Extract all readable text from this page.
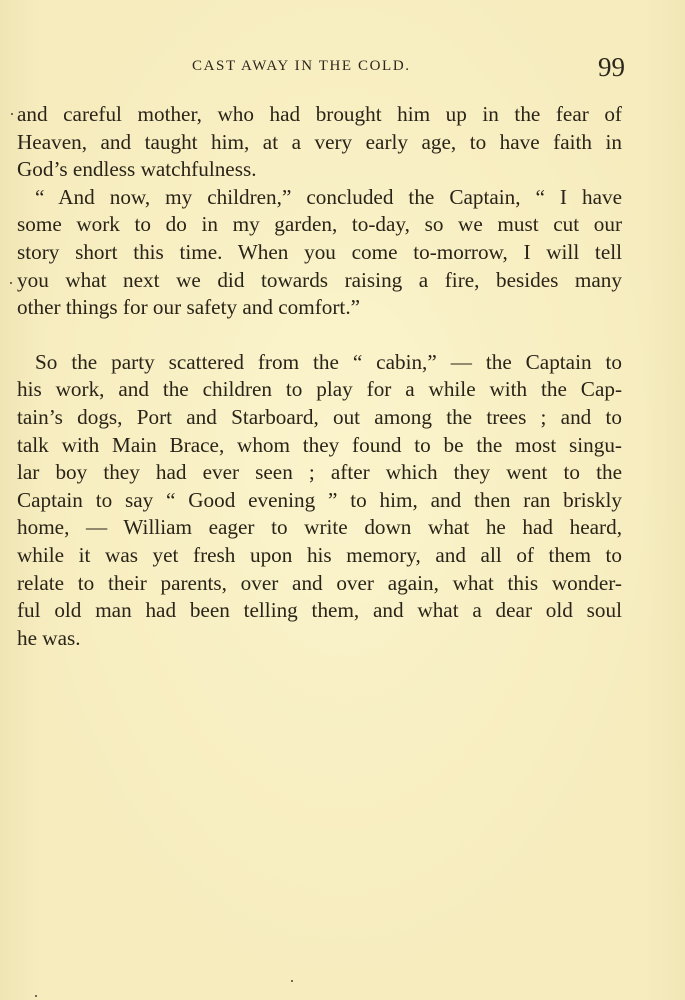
CAST AWAY IN THE COLD.	99

and careful mother, who had brought him up in the fear of
Heaven, and taught him, at a very early age, to have faith in
God’s endless watchfulness.

“ And now, my children,” concluded the Captain, “ I have
some work to do in my garden, to-day, so we must cut our
story short this time. When you come to-morrow, I will tell
you what next we did towards raising a fire, besides many
other things for our safety and comfort.”

So the party scattered from the “ cabin,” — the Captain to
his work, and the children to play for a while with the Cap-
tain’s dogs, Port and Starboard, out among the trees ; and to
talk with Main Brace, whom they found to be the most singu-
lar boy they had ever seen ; after which they went to the
Captain to say “ Good evening ” to him, and then ran briskly
home, — William eager to write down what he had heard,
while it was yet fresh upon his memory, and all of them to
relate to their parents, over and over again, what this wonder-
ful old man had been telling them, and what a dear old soul
he was.
